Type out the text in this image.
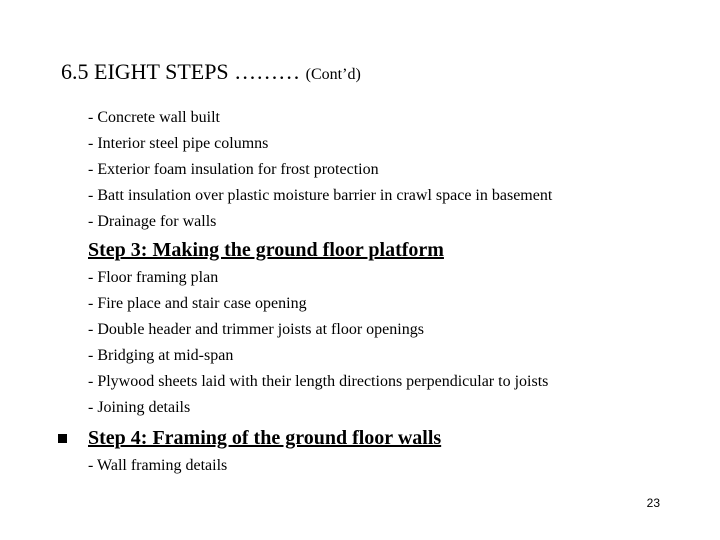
6.5 EIGHT STEPS ……… (Cont’d)
- Concrete wall built
- Interior steel pipe columns
- Exterior foam insulation for frost protection
- Batt insulation over plastic moisture barrier in crawl space in basement
- Drainage for walls
Step 3: Making the ground floor platform
- Floor framing plan
- Fire place and stair case opening
- Double header and trimmer joists at floor openings
- Bridging at mid-span
- Plywood sheets laid with their length directions perpendicular to joists
- Joining details
Step 4: Framing of the ground floor walls
- Wall framing details
23
